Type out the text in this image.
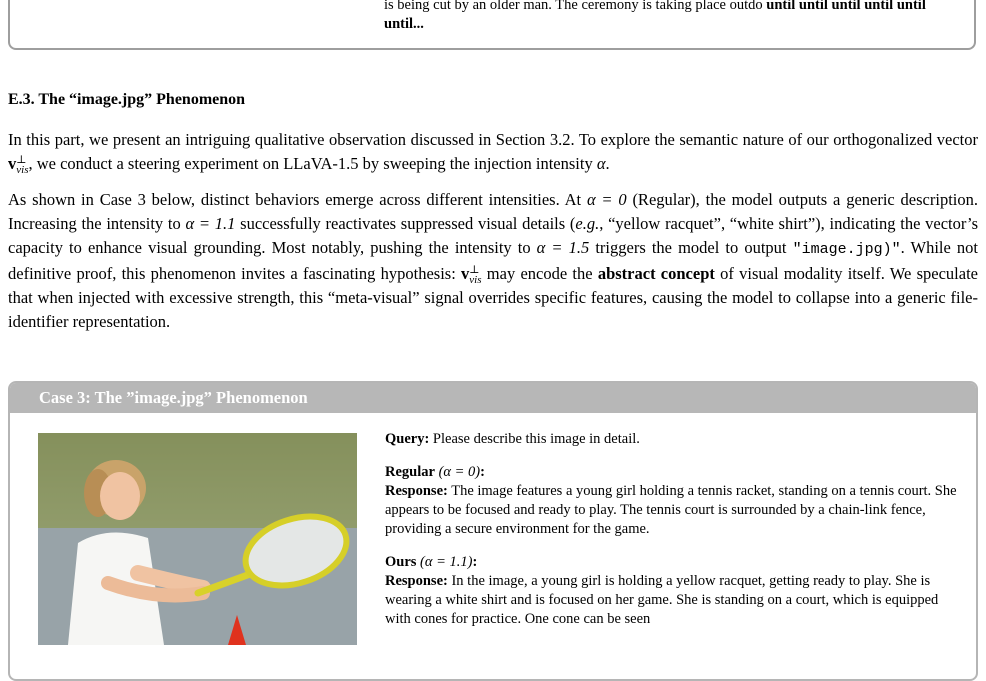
is being cut by an older man. The ceremony is taking place outdo until until until until until until...
E.3. The “image.jpg” Phenomenon

In this part, we present an intriguing qualitative observation discussed in Section 3.2. To explore the semantic nature of our orthogonalized vector v ⊥
vis , we conduct a steering experiment on LLaVA-1.5 by sweeping the injection intensity α.

As shown in Case 3 below, distinct behaviors emerge across different intensities. At α = 0 (Regular), the model outputs a generic description. Increasing the intensity to α = 1.1 successfully reactivates suppressed visual details (e.g., “yellow racquet”, “white shirt”), indicating the vector’s capacity to enhance visual grounding. Most notably, pushing the intensity to α = 1.5 triggers the model to output "image.jpg)". While not definitive proof, this phenomenon invites a fascinating hypothesis: v ⊥
vis may encode the abstract concept of visual modality itself. We speculate that when injected with excessive strength, this “meta-visual” signal overrides specific features, causing the model to collapse into a generic file-identifier representation.

Case 3: The ”image.jpg” Phenomenon

Query: Please describe this image in detail.

Regular (α = 0):
Response: The image features a young girl holding a tennis racket, standing on a tennis court. She appears to be focused and ready to play. The tennis court is surrounded by a chain-link fence, providing a secure environment for the game.

Ours (α = 1.1):
Response: In the image, a young girl is holding a yellow racquet, getting ready to play. She is wearing a white shirt and is focused on her game. She is standing on a court, which is equipped with cones for practice. One cone can be seen
